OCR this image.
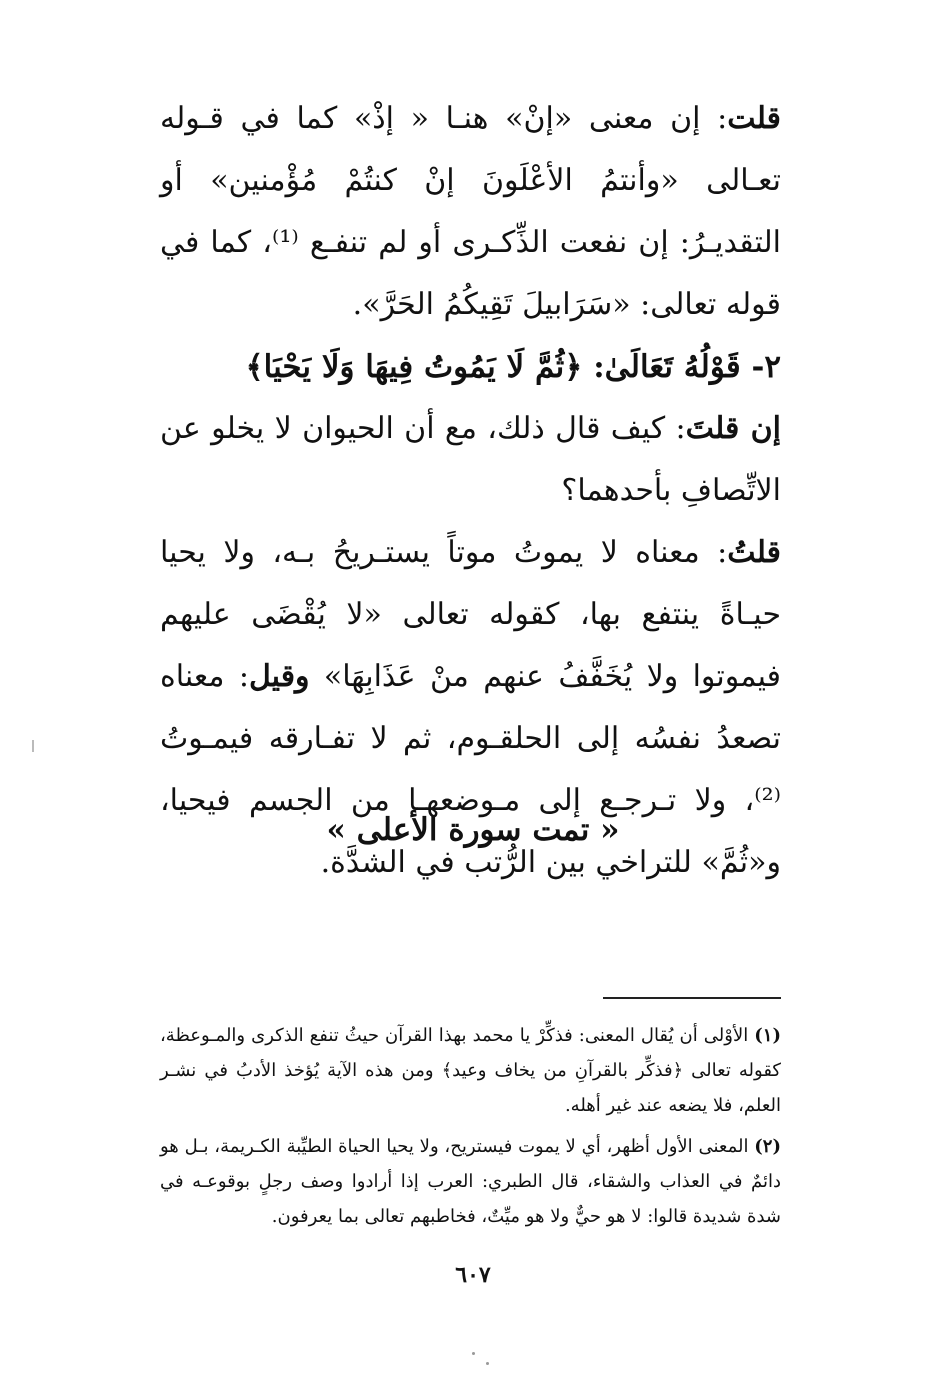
قلت: إن معنى «إنْ» هنـا « إذْ» كما في قـوله تعـالى «وأنتمُ الأعْلَونَ إنْ كنتُمْ مُؤْمنين» أو التقديـرُ: إن نفعت الذِّكـرى أو لم تنفـع ⁽¹⁾، كما في قوله تعالى: «سَرَابيلَ تَقِيكُمُ الحَرَّ».

٢- قَوْلُهُ تَعَالَىٰ: ﴿ثُمَّ لَا يَمُوتُ فِيهَا وَلَا يَحْيَا﴾

إن قلتَ: كيف قال ذلك، مع أن الحيوان لا يخلو عن الاتِّصافِ بأحدهما؟

قلتُ: معناه لا يموتُ موتاً يستـريحُ بـه، ولا يحيا حيـاةً ينتفع بها، كقوله تعالى «لا يُقْضَى عليهم فيموتوا ولا يُخَفَّفُ عنهم منْ عَذَابِهَا» وقيل: معناه تصعدُ نفسُه إلى الحلقـوم، ثم لا تفـارقه فيمـوتُ ⁽²⁾، ولا تـرجـع إلى مـوضعهـا من الجسم فيحيا، و«ثُمَّ» للتراخي بين الرُّتب في الشدَّة.

« تمت سورة الأعلى »

(١) الأوْلى أن يُقال المعنى: فذكِّرْ يا محمد بهذا القرآن حيثُ تنفع الذكرى والمـوعظة، كقوله تعالى ﴿فذكِّر بالقرآنِ من يخاف وعيد﴾ ومن هذه الآية يُؤخذ الأدبُ في نشـر العلم، فلا يضعه عند غير أهله.

(٢) المعنى الأول أظهر، أي لا يموت فيستريح، ولا يحيا الحياة الطيِّبة الكـريمة، بـل هو دائمٌ في العذاب والشقاء، قال الطبري: العرب إذا أرادوا وصف رجلٍ بوقوعـه في شدة شديدة قالوا: لا هو حيٌّ ولا هو ميِّتٌ، فخاطبهم تعالى بما يعرفون.

٦٠٧
